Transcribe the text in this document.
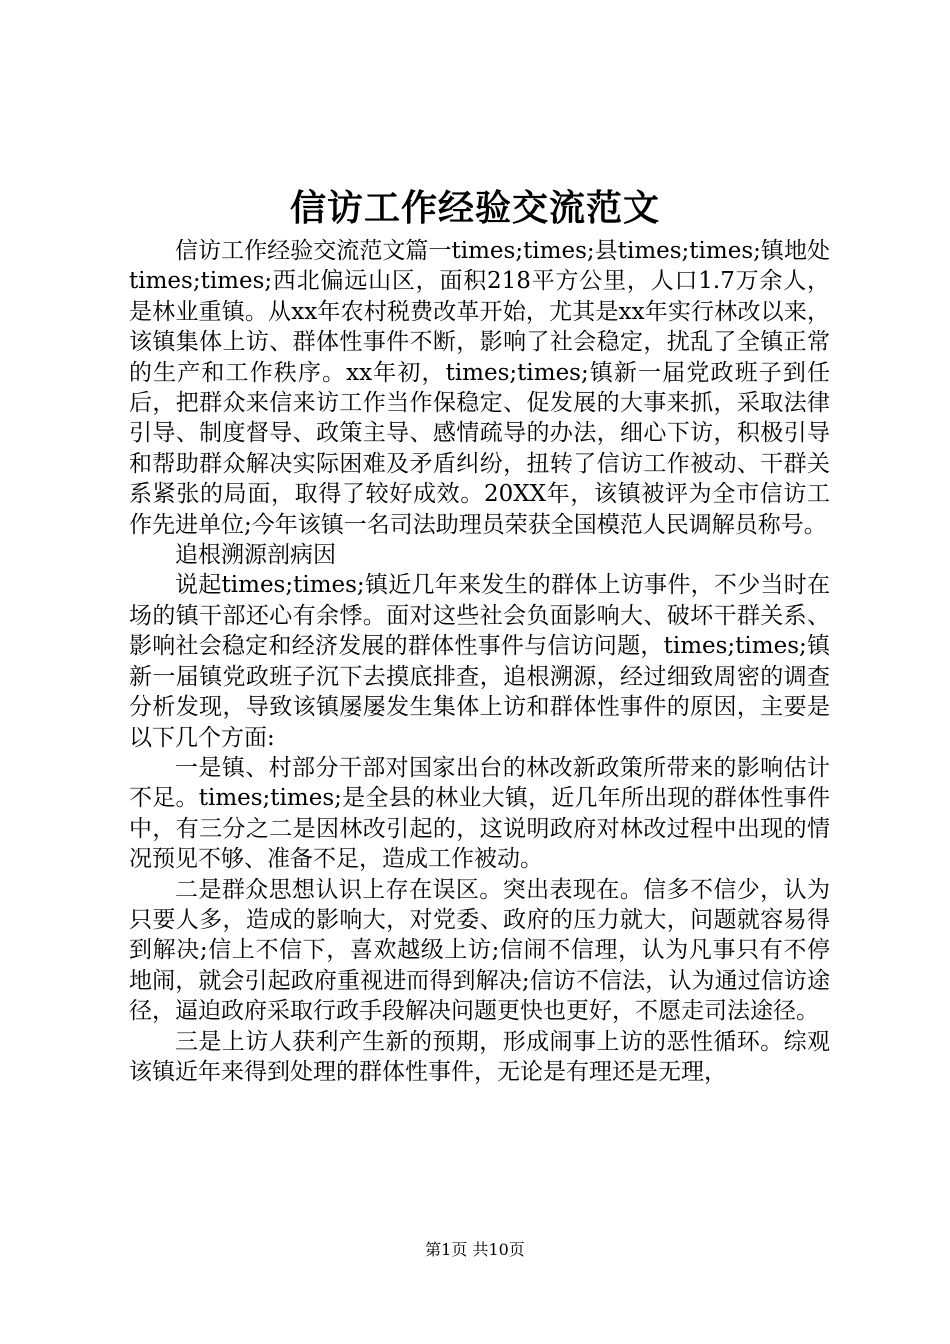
信访工作经验交流范文

信访工作经验交流范文篇一times;times;县times;times;镇地处times;times;西北偏远山区，面积218平方公里，人口1.7万余人，是林业重镇。从xx年农村税费改革开始，尤其是xx年实行林改以来，该镇集体上访、群体性事件不断，影响了社会稳定，扰乱了全镇正常的生产和工作秩序。xx年初，times;times;镇新一届党政班子到任后，把群众来信来访工作当作保稳定、促发展的大事来抓，采取法律引导、制度督导、政策主导、感情疏导的办法，细心下访，积极引导和帮助群众解决实际困难及矛盾纠纷，扭转了信访工作被动、干群关系紧张的局面，取得了较好成效。20XX年，该镇被评为全市信访工作先进单位;今年该镇一名司法助理员荣获全国模范人民调解员称号。

追根溯源剖病因

说起times;times;镇近几年来发生的群体上访事件，不少当时在场的镇干部还心有余悸。面对这些社会负面影响大、破坏干群关系、影响社会稳定和经济发展的群体性事件与信访问题，times;times;镇新一届镇党政班子沉下去摸底排查，追根溯源，经过细致周密的调查分析发现，导致该镇屡屡发生集体上访和群体性事件的原因，主要是以下几个方面:

一是镇、村部分干部对国家出台的林改新政策所带来的影响估计不足。times;times;是全县的林业大镇，近几年所出现的群体性事件中，有三分之二是因林改引起的，这说明政府对林改过程中出现的情况预见不够、准备不足，造成工作被动。

二是群众思想认识上存在误区。突出表现在。信多不信少，认为只要人多，造成的影响大，对党委、政府的压力就大，问题就容易得到解决;信上不信下，喜欢越级上访;信闹不信理，认为凡事只有不停地闹，就会引起政府重视进而得到解决;信访不信法，认为通过信访途径，逼迫政府采取行政手段解决问题更快也更好，不愿走司法途径。

三是上访人获利产生新的预期，形成闹事上访的恶性循环。综观该镇近年来得到处理的群体性事件，无论是有理还是无理，

第1页 共10页
